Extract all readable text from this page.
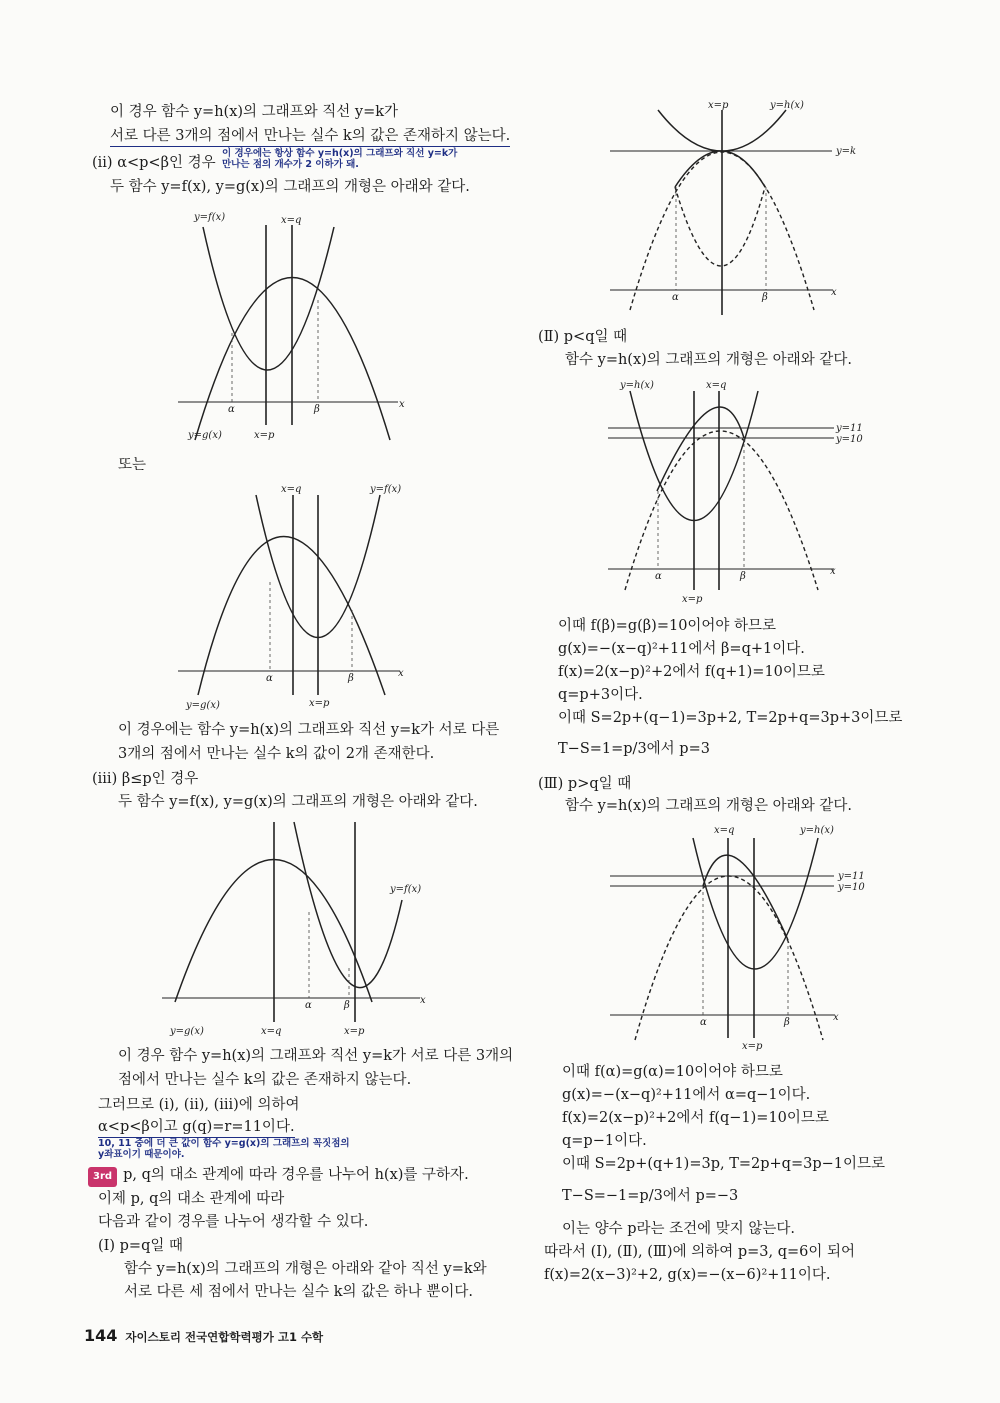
이 경우 함수 y=h(x)의 그래프와 직선 y=k가
서로 다른 3개의 점에서 만나는 실수 k의 값은 존재하지 않는다.
이 경우에는 항상 함수 y=h(x)의 그래프와 직선 y=k가
만나는 점의 개수가 2 이하가 돼.
(ii) α<p<β인 경우
두 함수 y=f(x), y=g(x)의 그래프의 개형은 아래와 같다.
x
y=f(x)	x=q
α	β
y=g(x)	x=p
또는
x
x=q	y=f(x)
α	β
y=g(x)	x=p
이 경우에는 함수 y=h(x)의 그래프와 직선 y=k가 서로 다른
3개의 점에서 만나는 실수 k의 값이 2개 존재한다.
(iii) β≤p인 경우
두 함수 y=f(x), y=g(x)의 그래프의 개형은 아래와 같다.
x
y=f(x)
α	β
y=g(x)	x=q	x=p
이 경우 함수 y=h(x)의 그래프와 직선 y=k가 서로 다른 3개의
점에서 만나는 실수 k의 값은 존재하지 않는다.
그러므로 (i), (ii), (iii)에 의하여
α<p<β이고 g(q)=r=11이다.
10, 11 중에 더 큰 값이 함수 y=g(x)의 그래프의 꼭짓점의
y좌표이기 때문이야.
3rd p, q의 대소 관계에 따라 경우를 나누어 h(x)를 구하자.
이제 p, q의 대소 관계에 따라
다음과 같이 경우를 나누어 생각할 수 있다.
(Ⅰ) p=q일 때
함수 y=h(x)의 그래프의 개형은 아래와 같아 직선 y=k와
서로 다른 세 점에서 만나는 실수 k의 값은 하나 뿐이다.
x
y=k
x=p	y=h(x)
α	β
(Ⅱ) p<q일 때
함수 y=h(x)의 그래프의 개형은 아래와 같다.
x
y=11
y=10
y=h(x)	x=q
α	β
x=p
이때 f(β)=g(β)=10이어야 하므로
g(x)=−(x−q)²+11에서 β=q+1이다.
f(x)=2(x−p)²+2에서 f(q+1)=10이므로
q=p+3이다.
이때 S=2p+(q−1)=3p+2, T=2p+q=3p+3이므로
T−S=1=p/3에서 p=3
(Ⅲ) p>q일 때
함수 y=h(x)의 그래프의 개형은 아래와 같다.
x
y=11
y=10
x=q	y=h(x)
α	β
x=p
이때 f(α)=g(α)=10이어야 하므로
g(x)=−(x−q)²+11에서 α=q−1이다.
f(x)=2(x−p)²+2에서 f(q−1)=10이므로
q=p−1이다.
이때 S=2p+(q+1)=3p, T=2p+q=3p−1이므로
T−S=−1=p/3에서 p=−3
이는 양수 p라는 조건에 맞지 않는다.
따라서 (Ⅰ), (Ⅱ), (Ⅲ)에 의하여 p=3, q=6이 되어
f(x)=2(x−3)²+2, g(x)=−(x−6)²+11이다.
144 자이스토리 전국연합학력평가 고1 수학
